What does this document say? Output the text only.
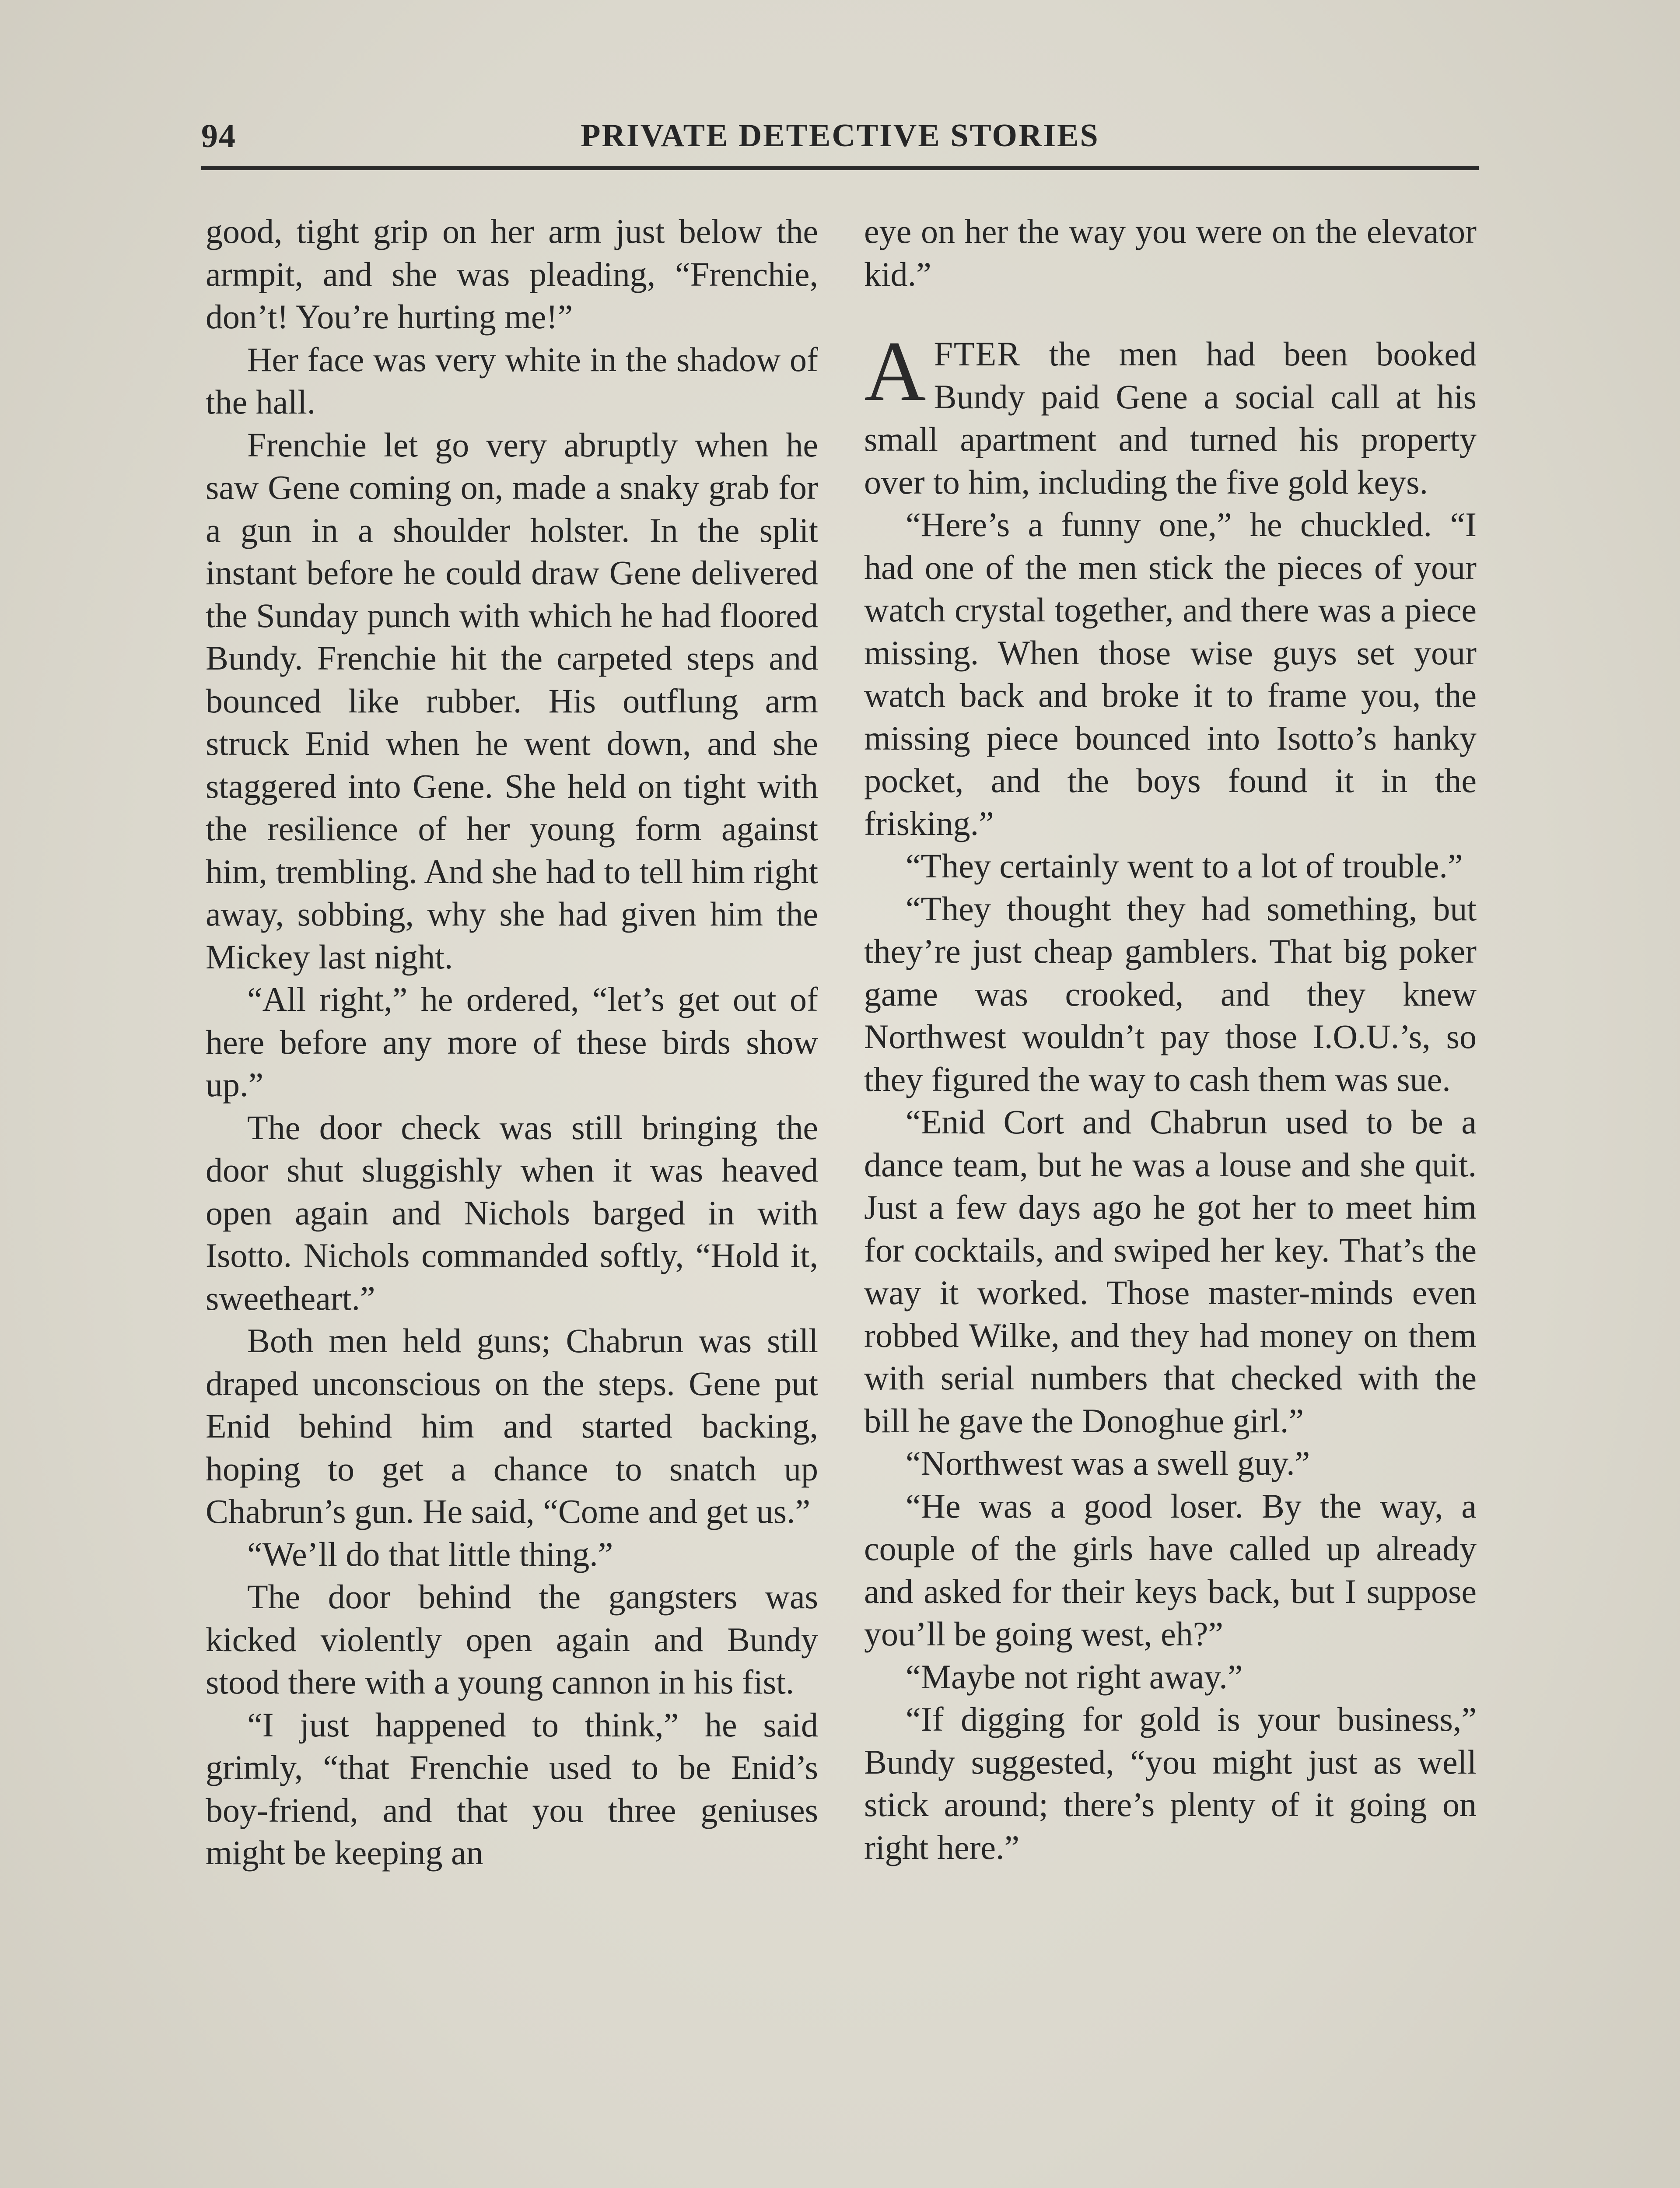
94	PRIVATE DETECTIVE STORIES

good, tight grip on her arm just below the armpit, and she was pleading, “Frenchie, don’t! You’re hurting me!”

Her face was very white in the shadow of the hall.

Frenchie let go very abruptly when he saw Gene coming on, made a snaky grab for a gun in a shoulder holster. In the split instant before he could draw Gene delivered the Sunday punch with which he had floored Bundy. Frenchie hit the carpeted steps and bounced like rubber. His outflung arm struck Enid when he went down, and she staggered into Gene. She held on tight with the resilience of her young form against him, trembling. And she had to tell him right away, sobbing, why she had given him the Mickey last night.

“All right,” he ordered, “let’s get out of here before any more of these birds show up.”

The door check was still bringing the door shut sluggishly when it was heaved open again and Nichols barged in with Isotto. Nichols commanded softly, “Hold it, sweetheart.”

Both men held guns; Chabrun was still draped unconscious on the steps. Gene put Enid behind him and started backing, hoping to get a chance to snatch up Chabrun’s gun. He said, “Come and get us.”

“We’ll do that little thing.”

The door behind the gangsters was kicked violently open again and Bundy stood there with a young cannon in his fist.

“I just happened to think,” he said grimly, “that Frenchie used to be Enid’s boy-friend, and that you three geniuses might be keeping an

eye on her the way you were on the elevator kid.”

AFTER the men had been booked Bundy paid Gene a social call at his small apartment and turned his property over to him, including the five gold keys.

“Here’s a funny one,” he chuckled. “I had one of the men stick the pieces of your watch crystal together, and there was a piece missing. When those wise guys set your watch back and broke it to frame you, the missing piece bounced into Isotto’s hanky pocket, and the boys found it in the frisking.”

“They certainly went to a lot of trouble.”

“They thought they had something, but they’re just cheap gamblers. That big poker game was crooked, and they knew Northwest wouldn’t pay those I.O.U.’s, so they figured the way to cash them was sue.

“Enid Cort and Chabrun used to be a dance team, but he was a louse and she quit. Just a few days ago he got her to meet him for cocktails, and swiped her key. That’s the way it worked. Those master-minds even robbed Wilke, and they had money on them with serial numbers that checked with the bill he gave the Donoghue girl.”

“Northwest was a swell guy.”

“He was a good loser. By the way, a couple of the girls have called up already and asked for their keys back, but I suppose you’ll be going west, eh?”

“Maybe not right away.”

“If digging for gold is your business,” Bundy suggested, “you might just as well stick around; there’s plenty of it going on right here.”
